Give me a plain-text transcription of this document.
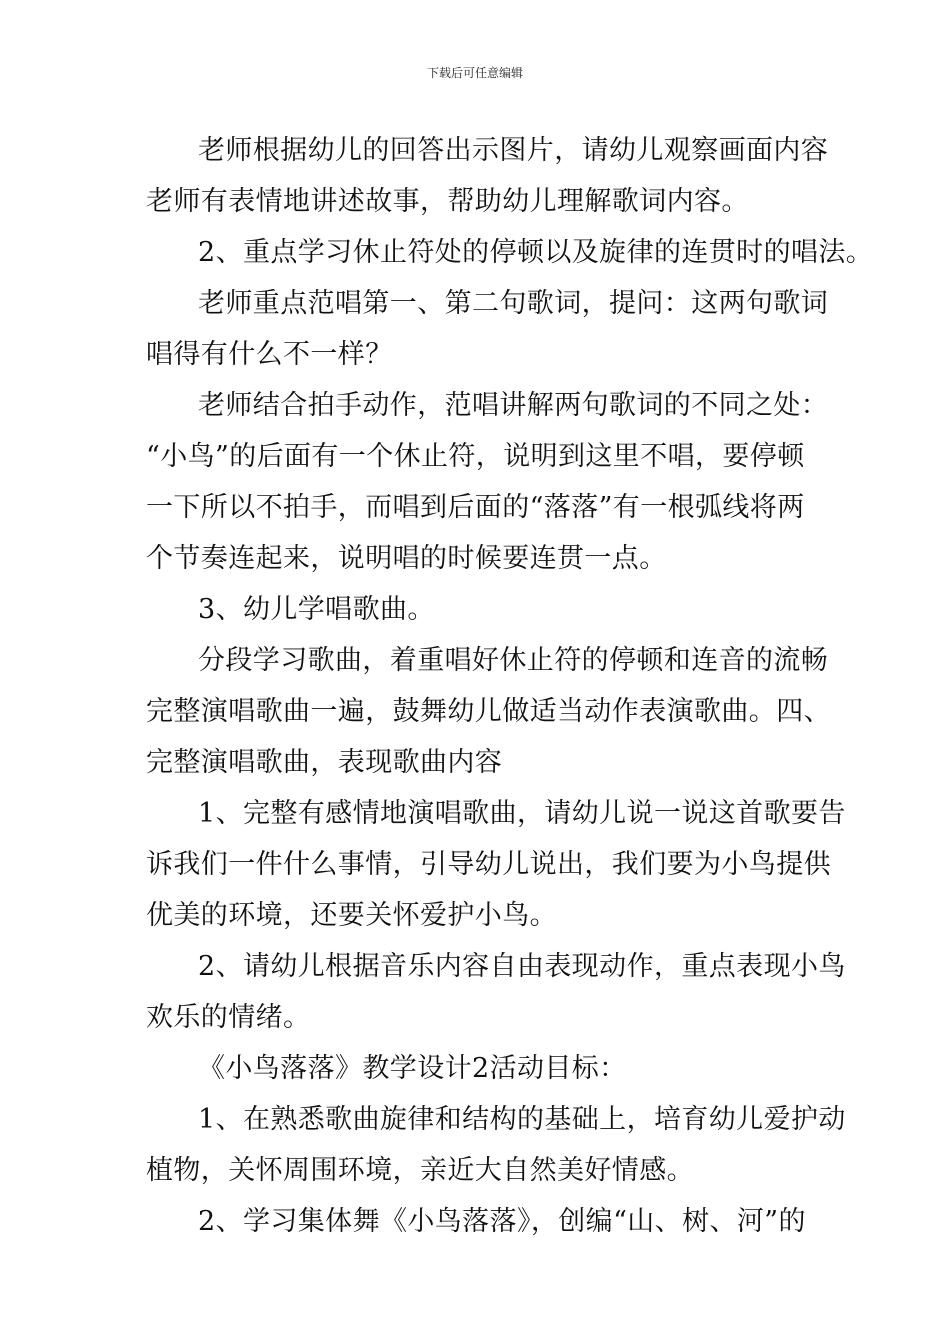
下载后可任意编辑
老师根据幼儿的回答出示图片，请幼儿观察画面内容
老师有表情地讲述故事，帮助幼儿理解歌词内容。
2、重点学习休止符处的停顿以及旋律的连贯时的唱法。
老师重点范唱第一、第二句歌词，提问：这两句歌词
唱得有什么不一样？
老师结合拍手动作，范唱讲解两句歌词的不同之处：
“小鸟”的后面有一个休止符，说明到这里不唱，要停顿
一下所以不拍手，而唱到后面的“落落”有一根弧线将两
个节奏连起来，说明唱的时候要连贯一点。
3、幼儿学唱歌曲。
分段学习歌曲，着重唱好休止符的停顿和连音的流畅
完整演唱歌曲一遍，鼓舞幼儿做适当动作表演歌曲。四、
完整演唱歌曲，表现歌曲内容
1、完整有感情地演唱歌曲，请幼儿说一说这首歌要告
诉我们一件什么事情，引导幼儿说出，我们要为小鸟提供
优美的环境，还要关怀爱护小鸟。
2、请幼儿根据音乐内容自由表现动作，重点表现小鸟
欢乐的情绪。
《小鸟落落》教学设计2活动目标：
1、在熟悉歌曲旋律和结构的基础上，培育幼儿爱护动
植物，关怀周围环境，亲近大自然美好情感。
2、学习集体舞《小鸟落落》，创编“山、树、河”的
